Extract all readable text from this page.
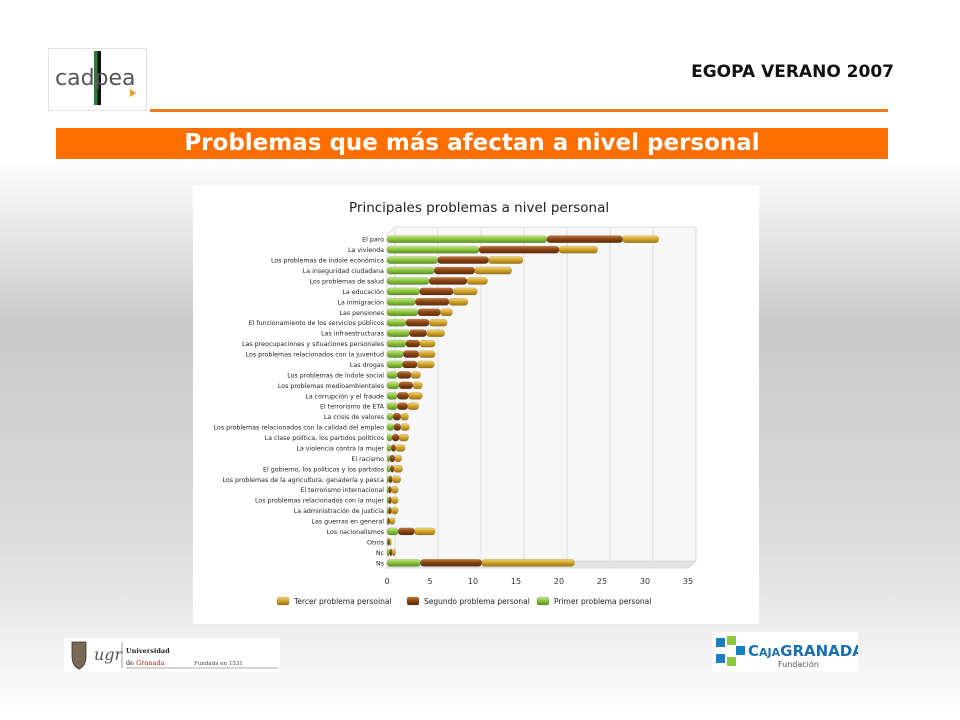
cadpea	EGOPA VERANO 2007
Problemas que más afectan a nivel personal
Principales problemas a nivel personal
El paro
La vivienda
Los problemas de índole económica
La inseguridad ciudadana
Los problemas de salud
La educación
La inmigración
Las pensiones
El funcionamiento de los servicios públicos
Las infraestructuras
Las preocupaciones y situaciones personales
Los problemas relacionados con la juventud
Las drogas
Los problemas de índole social
Los problemas medioambientales
La corrupción y el fraude
El terrorismo de ETA
La crisis de valores
Los problemas relacionados con la calidad del empleo
La clase política, los partidos políticos
La violencia contra la mujer
El racismo
El gobierno, los políticos y los partidos
Los problemas de la agricultura, ganadería y pesca
El terrorismo internacional
Los problemas relacionados con la mujer
La administración de justicia
Las guerras en general
Los nacionalismos
Otros
Nc
Ns
0	5	10	15	20	25	30	35
Tercer problema persoinal	Segundo problema personal	Primer problema personal
ugr Universidad
de Granada	Fundada en 1531
CAJAGRANADA
Fundación
